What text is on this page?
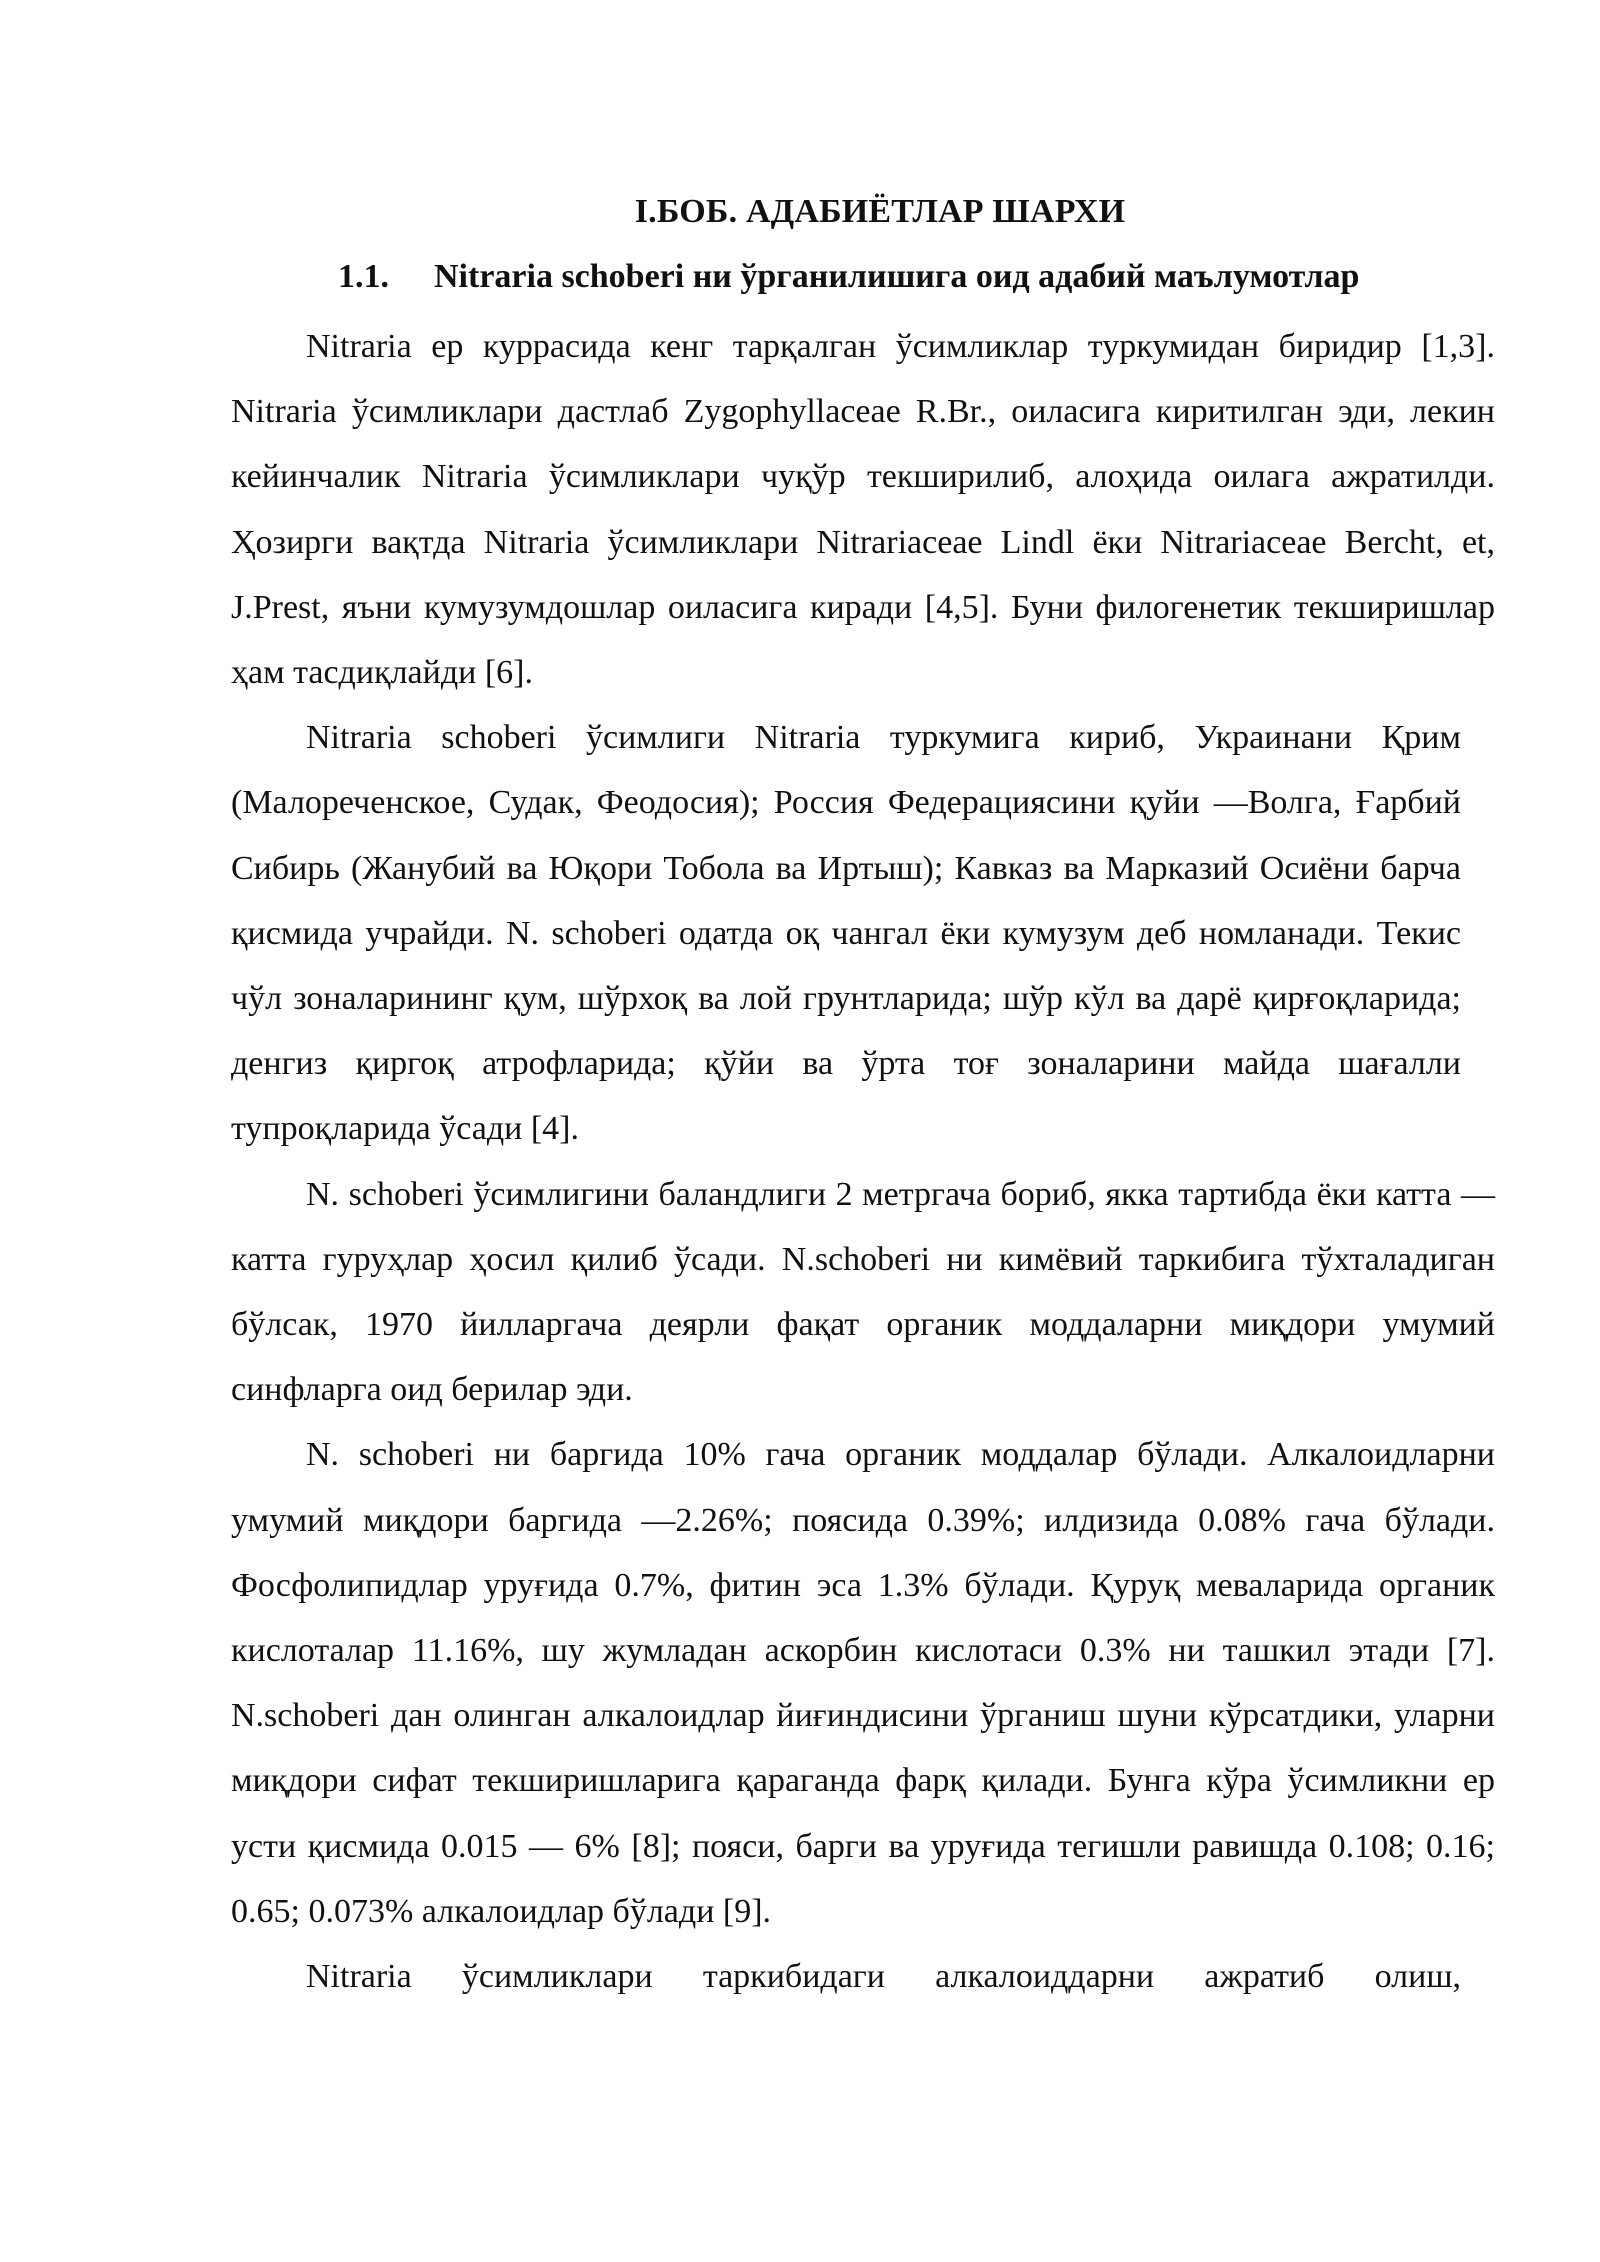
I.БОБ. АДАБИЁТЛАР ШАРХИ
1.1. Nitraria schoberi ни ўрганилишига оид адабий маълумотлар

Nitraria ер куррасида кенг тарқалган ўсимликлар туркумидан биридир [1,3]. Nitraria ўсимликлари дастлаб Zygophyllaceae R.Br., оиласига киритилган эди, лекин кейинчалик Nitraria ўсимликлари чуқўр текширилиб, алоҳида оилага ажратилди. Ҳозирги вақтда Nitraria ўсимликлари Nitrariaceae Lindl ёки Nitrariaceae Bercht, et, J.Prest, яъни кумузумдошлар оиласига киради [4,5]. Буни филогенетик текширишлар ҳам тасдиқлайди [6].

Nitraria schoberi ўсимлиги Nitraria туркумига кириб, Украинани Қрим (Малореченское, Судак, Феодосия); Россия Федерациясини қуйи —Волга, Ғарбий Сибирь (Жанубий ва Юқори Тобола ва Иртыш); Кавказ ва Марказий Осиёни барча қисмида учрайди. N. schoberi одатда оқ чангал ёки кумузум деб номланади. Текис чўл зоналарининг қум, шўрхоқ ва лой грунтларида; шўр кўл ва дарё қирғоқларида; денгиз қиргоқ атрофларида; қўйи ва ўрта тоғ зоналарини майда шағалли тупроқларида ўсади [4].

N. schoberi ўсимлигини баландлиги 2 метргача бориб, якка тартибда ёки катта — катта гуруҳлар ҳосил қилиб ўсади. N.schoberi ни кимёвий таркибига тўхталадиган бўлсак, 1970 йилларгача деярли фақат органик моддаларни миқдори умумий синфларга оид берилар эди.

N. schoberi ни баргида 10% гача органик моддалар бўлади. Алкалоидларни умумий миқдори баргида —2.26%; поясида 0.39%; илдизида 0.08% гача бўлади. Фосфолипидлар уруғида 0.7%, фитин эса 1.3% бўлади. Қуруқ меваларида органик кислоталар 11.16%, шу жумладан аскорбин кислотаси 0.3% ни ташкил этади [7]. N.schoberi дан олинган алкалоидлар йиғиндисини ўрганиш шуни кўрсатдики, уларни миқдори сифат текширишларига қараганда фарқ қилади. Бунга кўра ўсимликни ер усти қисмида 0.015 — 6% [8]; пояси, барги ва уруғида тегишли равишда 0.108; 0.16; 0.65; 0.073% алкалоидлар бўлади [9].

Nitraria ўсимликлари таркибидаги алкалоиддарни ажратиб олиш,
